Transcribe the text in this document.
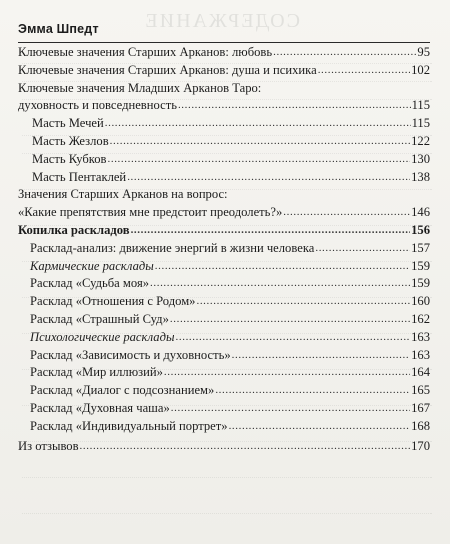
СОДЕРЖАНИЕ
Эмма Шпедт
Ключевые значения Старших Арканов: любовь .....	95
Ключевые значения Старших Арканов: душа и психика .....	102
Ключевые значения Младших Арканов Таро:
духовность и повседневность .....	115
Масть Мечей .....	115
Масть Жезлов .....	122
Масть Кубков .....	130
Масть Пентаклей .....	138
Значения Старших Арканов на вопрос:
«Какие препятствия мне предстоит преодолеть?» .....	146
Копилка раскладов .....	156
Расклад-анализ: движение энергий в жизни человека .....	157
Кармические расклады .....	159
Расклад «Судьба моя» .....	159
Расклад «Отношения с Родом» .....	160
Расклад «Страшный Суд» .....	162
Психологические расклады .....	163
Расклад «Зависимость и духовность» .....	163
Расклад «Мир иллюзий» .....	164
Расклад «Диалог с подсознанием» .....	165
Расклад «Духовная чаша» .....	167
Расклад «Индивидуальный портрет» .....	168
Из отзывов .....	170
